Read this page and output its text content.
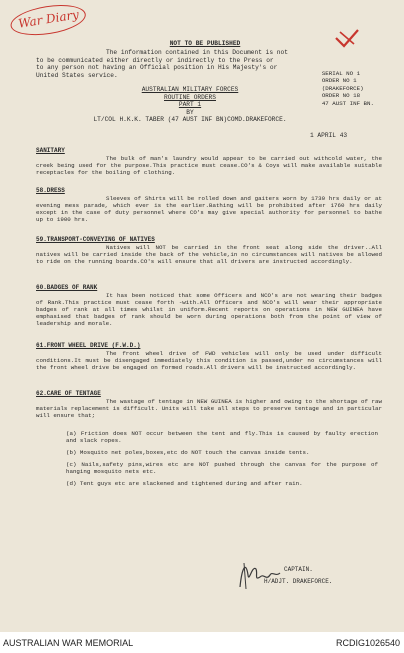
War Diary
NOT TO BE PUBLISHED
The information contained in this Document is not
to be communicated either directly or indirectly to the Press or
to any person not having an Official position in His Majesty's or
United States service.	SERIAL NO 1
ORDER NO 1
(DRAKEFORCE)
ORDER NO 18
47 AUST INF BN.
AUSTRALIAN MILITARY FORCES
ROUTINE ORDERS
PART 1
BY
LT/COL H.K.K. TABER (47 AUST INF BN)COMD.DRAKEFORCE.
1 APRIL 43
SANITARY
The bulk of man's laundry would appear to be carried out withcold water, the creek being used for the purpose.This practice must cease.CO's & Coys will make available suitable receptacles for the boiling of clothing.
58.DRESS
Sleeves of Shirts will be rolled down and gaiters worn by 1730 hrs daily or at evening mess parade, which ever is the earlier.Bathing will be prohibited after 1760 hrs daily except in the case of duty personnel where CO's may give special authority for personnel to bathe up to 1900 hrs.
59.TRANSPORT-CONVEYING OF NATIVES
Natives will NOT be carried in the front seat along side the driver..All natives will be carried inside the back of the vehicle,in no circumstances will natives be allowed to ride on the running boards.CO's will ensure that all drivers are instructed accordingly.
60.BADGES OF RANK
It has been noticed that some Officers and NCO's are not wearing their badges of Rank.This practice must cease forth -with.All Officers and NCO's will wear their appropriate badges of rank at all times whilst in uniform.Recent reports on operations in NEW GUINEA have emphasised that badges of rank should be worn during operations both from the point of view of leadership and morale.
61.FRONT WHEEL DRIVE (F.W.D.)
The front wheel drive of FWD vehicles will only be used under difficult conditions.It must be disengaged immediately this condition is passed,under no circumstances will the front wheel drive be engaged on formed roads.All drivers will be instructed accordingly.
62.CARE OF TENTAGE
The wastage of tentage in NEW GUINEA is higher and owing to the shortage of raw materials replacement is difficult. Units will take all steps to preserve tentage and in particular will ensure that;
(a) Friction does NOT occur between the tent and fly.This is caused by faulty erection and slack ropes.
(b) Mosquito net poles,boxes,etc do NOT touch the canvas inside tents.
(c) Nails,safety pins,wires etc are NOT pushed through the canvas for the purpose of hanging mosquito nets etc.
(d) Tent guys etc are slackened and tightened during and after rain.
CAPTAIN.
H/ADJT. DRAKEFORCE.
AUSTRALIAN WAR MEMORIAL	RCDIG1026540
